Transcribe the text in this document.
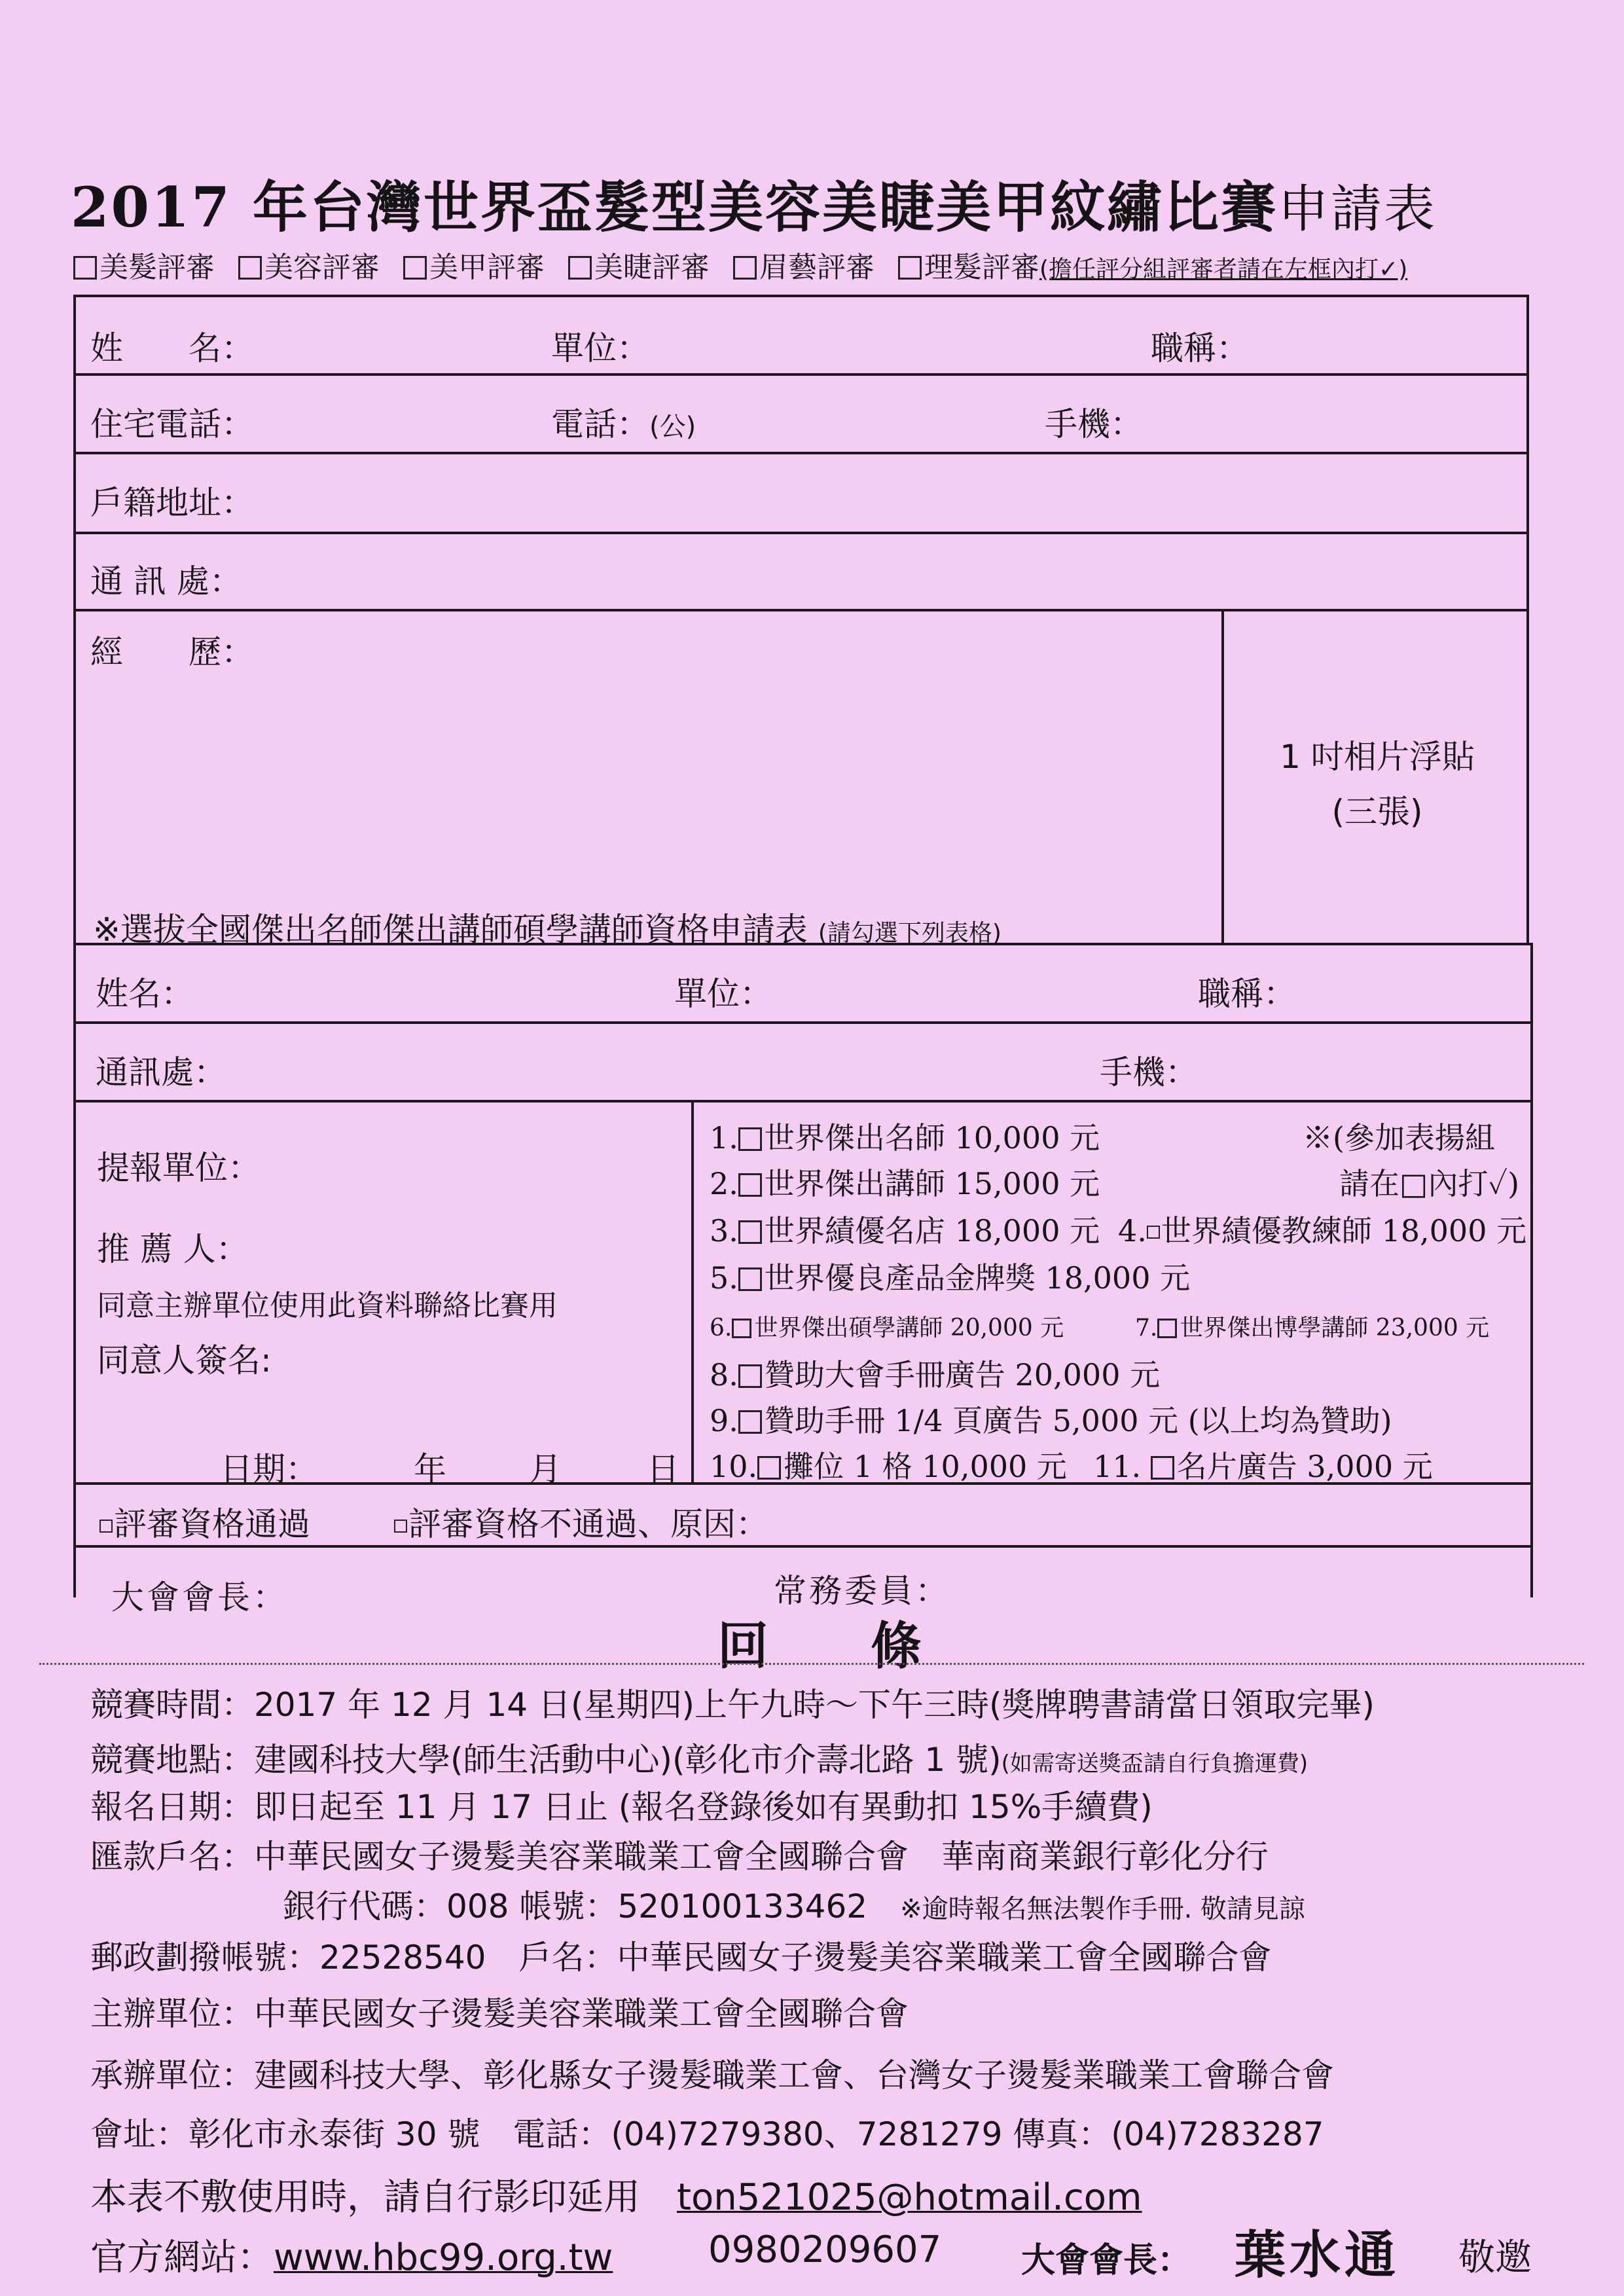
2017 年台灣世界盃髮型美容美睫美甲紋繡比賽申請表
美髮評審 美容評審 美甲評審 美睫評審 眉藝評審 理髮評審(擔任評分組評審者請在左框內打✓)
姓　　名：	單位：	職稱：
住宅電話：	電話：(公)	手機：
戶籍地址：
通 訊 處：
經　　歷：
1 吋相片浮貼
(三張)
※選拔全國傑出名師傑出講師碩學講師資格申請表 (請勾選下列表格)
姓名：	單位：	職稱：
通訊處：	手機：
提報單位：
推 薦 人：
同意主辦單位使用此資料聯絡比賽用
同意人簽名:
日期：	年	月	日
1. 世界傑出名師 10,000 元	※(參加表揚組
2. 世界傑出講師 15,000 元	請在□內打✓)
3. 世界績優名店 18,000 元 4. 世界績優教練師 18,000 元
5. 世界優良產品金牌獎 18,000 元
6. 世界傑出碩學講師 20,000 元	7. 世界傑出博學講師 23,000 元
8. 贊助大會手冊廣告 20,000 元
9. 贊助手冊 1/4 頁廣告 5,000 元 (以上均為贊助)
10. 攤位 1 格 10,000 元 11. 名片廣告 3,000 元
評審資格通過	評審資格不通過、原因：
大會會長：	常務委員：
回　　條
競賽時間：2017 年 12 月 14 日(星期四)上午九時～下午三時(獎牌聘書請當日領取完畢)
競賽地點：建國科技大學(師生活動中心)(彰化市介壽北路 1 號)(如需寄送獎盃請自行負擔運費)
報名日期：即日起至 11 月 17 日止 (報名登錄後如有異動扣 15%手續費)
匯款戶名：中華民國女子燙髮美容業職業工會全國聯合會　華南商業銀行彰化分行
銀行代碼：008 帳號：520100133462　 ※逾時報名無法製作手冊. 敬請見諒
郵政劃撥帳號：22528540　戶名：中華民國女子燙髮美容業職業工會全國聯合會
主辦單位：中華民國女子燙髮美容業職業工會全國聯合會
承辦單位：建國科技大學、彰化縣女子燙髮職業工會、台灣女子燙髮業職業工會聯合會
會址：彰化市永泰街 30 號　電話：(04)7279380、7281279 傳真：(04)7283287
本表不敷使用時，請自行影印延用　 ton521025@hotmail.com
官方網站：www.hbc99.org.tw	0980209607 大會會長： 葉水通 敬邀
